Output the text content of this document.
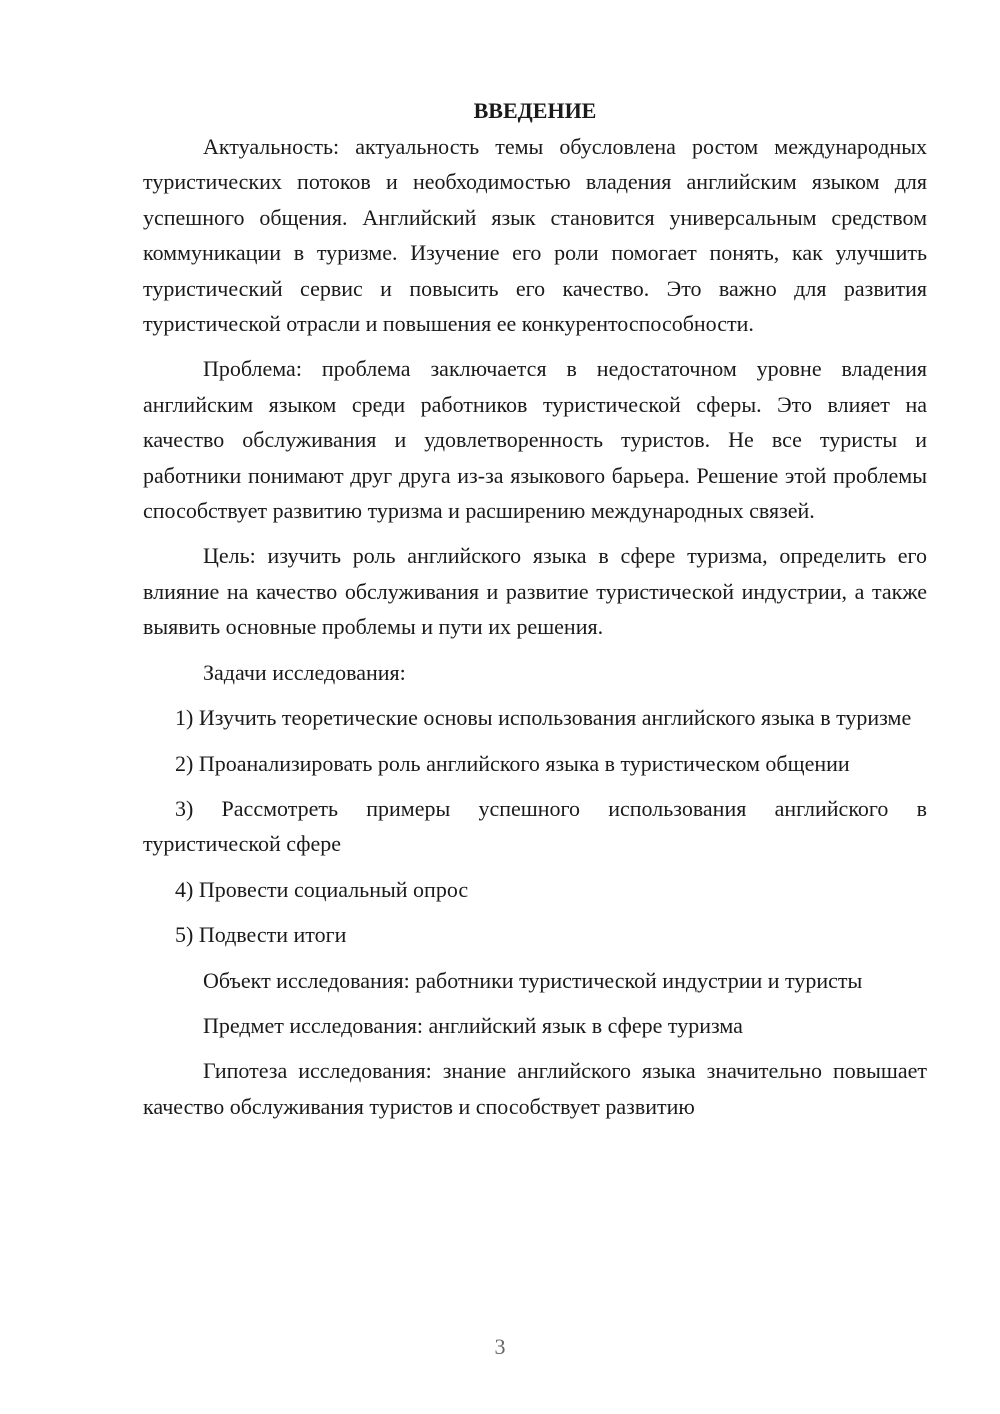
ВВЕДЕНИЕ

Актуальность: актуальность темы обусловлена ростом международных туристических потоков и необходимостью владения английским языком для успешного общения. Английский язык становится универсальным средством коммуникации в туризме. Изучение его роли помогает понять, как улучшить туристический сервис и повысить его качество. Это важно для развития туристической отрасли и повышения ее конкурентоспособности.

Проблема: проблема заключается в недостаточном уровне владения английским языком среди работников туристической сферы. Это влияет на качество обслуживания и удовлетворенность туристов. Не все туристы и работники понимают друг друга из-за языкового барьера. Решение этой проблемы способствует развитию туризма и расширению международных связей.

Цель: изучить роль английского языка в сфере туризма, определить его влияние на качество обслуживания и развитие туристической индустрии, а также выявить основные проблемы и пути их решения.

Задачи исследования:

1) Изучить теоретические основы использования английского языка в туризме

2) Проанализировать роль английского языка в туристическом общении

3) Рассмотреть примеры успешного использования английского в туристической сфере

4) Провести социальный опрос

5) Подвести итоги

Объект исследования: работники туристической индустрии и туристы

Предмет исследования: английский язык в сфере туризма

Гипотеза исследования: знание английского языка значительно повышает качество обслуживания туристов и способствует развитию

3
